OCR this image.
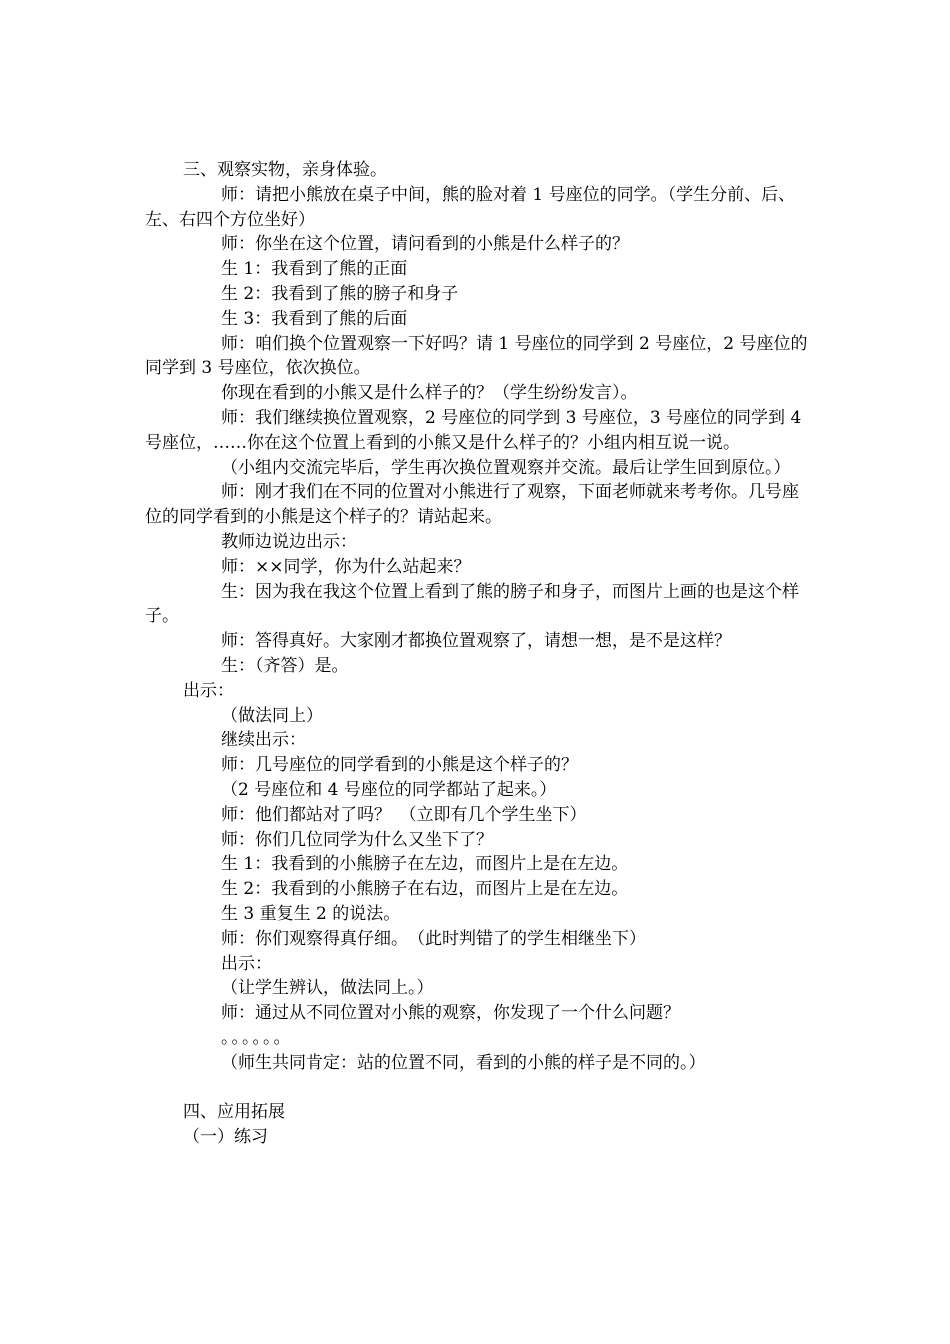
三、观察实物，亲身体验。

师：请把小熊放在桌子中间，熊的脸对着 1 号座位的同学。（学生分前、后、左、右四个方位坐好）

师：你坐在这个位置，请问看到的小熊是什么样子的？

生 1：我看到了熊的正面

生 2：我看到了熊的膀子和身子

生 3：我看到了熊的后面

师：咱们换个位置观察一下好吗？请 1 号座位的同学到 2 号座位，2 号座位的同学到 3 号座位，依次换位。

你现在看到的小熊又是什么样子的？（学生纷纷发言）。

师：我们继续换位置观察，2 号座位的同学到 3 号座位，3 号座位的同学到 4 号座位，……你在这个位置上看到的小熊又是什么样子的？小组内相互说一说。

（小组内交流完毕后，学生再次换位置观察并交流。最后让学生回到原位。）

师：刚才我们在不同的位置对小熊进行了观察，下面老师就来考考你。几号座位的同学看到的小熊是这个样子的？请站起来。

教师边说边出示：

师：××同学，你为什么站起来？

生：因为我在我这个位置上看到了熊的膀子和身子，而图片上画的也是这个样子。

师：答得真好。大家刚才都换位置观察了，请想一想，是不是这样？

生：（齐答）是。

出示：

（做法同上）

继续出示：

师：几号座位的同学看到的小熊是这个样子的？

（2 号座位和 4 号座位的同学都站了起来。）

师：他们都站对了吗？　（立即有几个学生坐下）

师：你们几位同学为什么又坐下了？

生 1：我看到的小熊膀子在左边，而图片上是在左边。

生 2：我看到的小熊膀子在右边，而图片上是在左边。

生 3 重复生 2 的说法。

师：你们观察得真仔细。　（此时判错了的学生相继坐下）

出示：

（让学生辨认，做法同上。）

师：通过从不同位置对小熊的观察，你发现了一个什么问题？

。。。。。。

（师生共同肯定：站的位置不同，看到的小熊的样子是不同的。）

四、应用拓展

（一）练习
